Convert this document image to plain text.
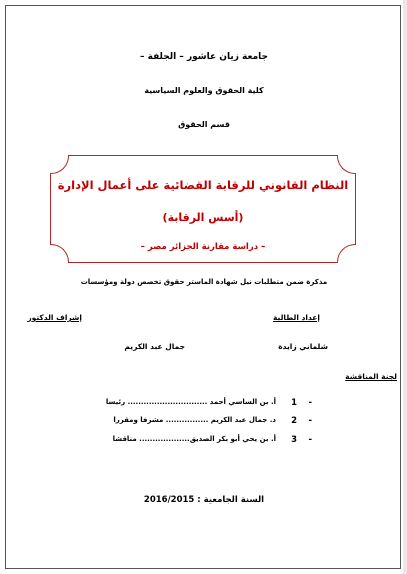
جامعة زيان عاشور – الجلفة –
كلية الحقوق والعلوم السياسية
قسم الحقوق
النظام القانوني للرقابة القضائية على أعمال الإدارة
(أسس الرقابة)
– دراسة مقارنة الجزائر مصر –
مذكرة ضمن متطلبات نيل شهادة الماستر حقوق تخصص دولة ومؤسسات
إعداد الطالبة
إشراف الدكتور
شلماني زايدة
جمال عبد الكريم
لجنة المناقشة
1 -
أ. بن الساسي أحمد .............................. رئيسا
2 -
د. جمال عبد الكريم ................ مشرفا ومقررا
3 -
أ. بن يحي أبو بكر الصديق................... مناقشا
السنة الجامعية : 2016/2015
